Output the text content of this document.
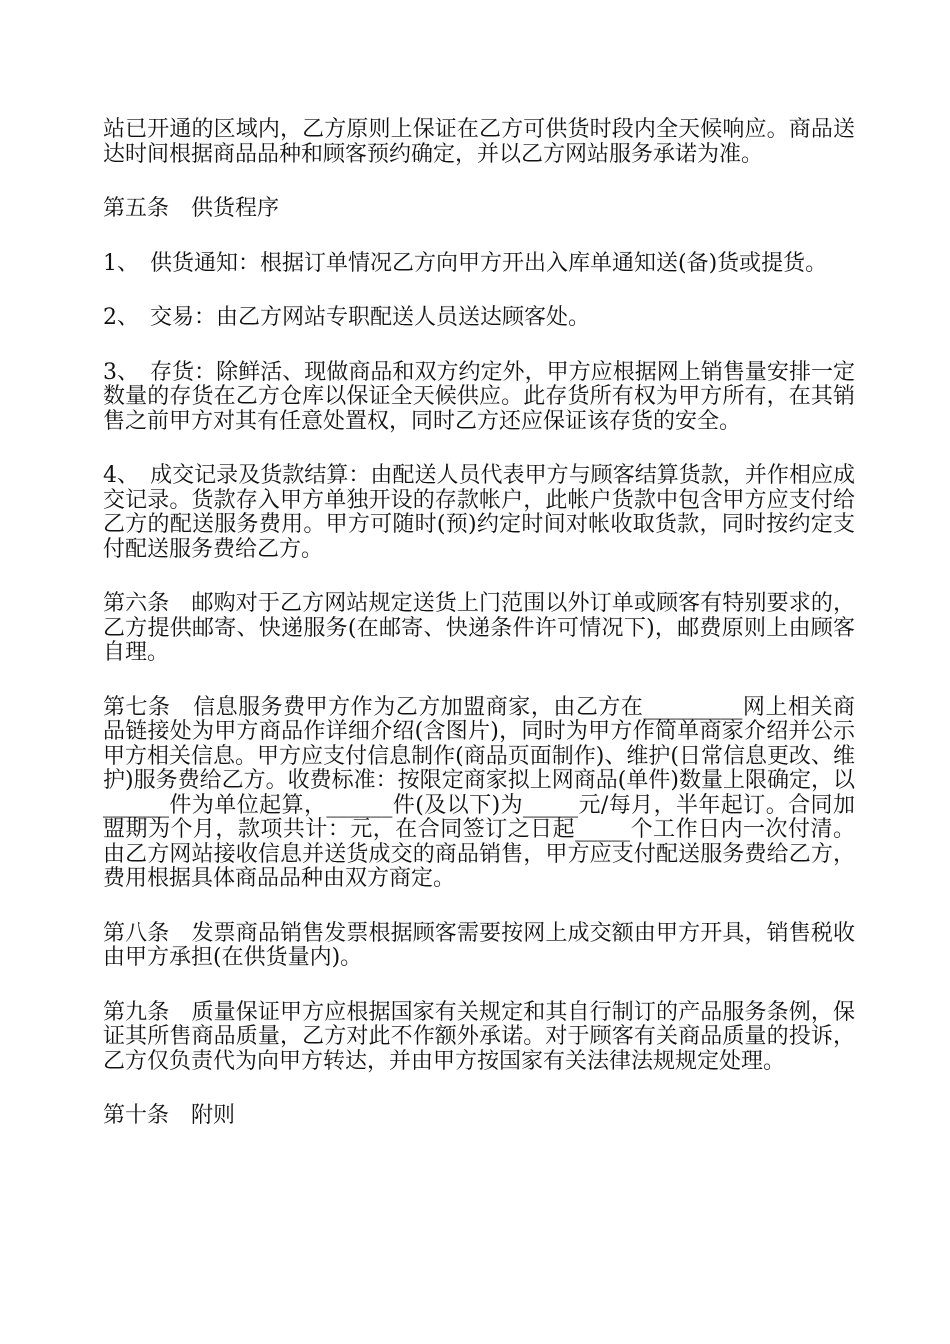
站已开通的区域内，乙方原则上保证在乙方可供货时段内全天候响应。商品送达时间根据商品品种和顾客预约确定，并以乙方网站服务承诺为准。

第五条　供货程序

1、　供货通知：根据订单情况乙方向甲方开出入库单通知送(备)货或提货。

2、　交易：由乙方网站专职配送人员送达顾客处。

3、　存货：除鲜活、现做商品和双方约定外，甲方应根据网上销售量安排一定数量的存货在乙方仓库以保证全天候供应。此存货所有权为甲方所有，在其销售之前甲方对其有任意处置权，同时乙方还应保证该存货的安全。

4、　成交记录及货款结算：由配送人员代表甲方与顾客结算货款，并作相应成交记录。货款存入甲方单独开设的存款帐户，此帐户货款中包含甲方应支付给乙方的配送服务费用。甲方可随时(预)约定时间对帐收取货款，同时按约定支付配送服务费给乙方。

第六条　邮购对于乙方网站规定送货上门范围以外订单或顾客有特别要求的，乙方提供邮寄、快递服务(在邮寄、快递条件许可情况下)，邮费原则上由顾客自理。

第七条　信息服务费甲方作为乙方加盟商家，由乙方在_________网上相关商品链接处为甲方商品作详细介绍(含图片)，同时为甲方作简单商家介绍并公示甲方相关信息。甲方应支付信息制作(商品页面制作)、维护(日常信息更改、维护)服务费给乙方。收费标准：按限定商家拟上网商品(单件)数量上限确定，以______件为单位起算，______件(及以下)为_____元/每月，半年起订。合同加盟期为个月，款项共计：元，在合同签订之日起_____个工作日内一次付清。由乙方网站接收信息并送货成交的商品销售，甲方应支付配送服务费给乙方，费用根据具体商品品种由双方商定。

第八条　发票商品销售发票根据顾客需要按网上成交额由甲方开具，销售税收由甲方承担(在供货量内)。

第九条　质量保证甲方应根据国家有关规定和其自行制订的产品服务条例，保证其所售商品质量，乙方对此不作额外承诺。对于顾客有关商品质量的投诉，乙方仅负责代为向甲方转达，并由甲方按国家有关法律法规规定处理。

第十条　附则
